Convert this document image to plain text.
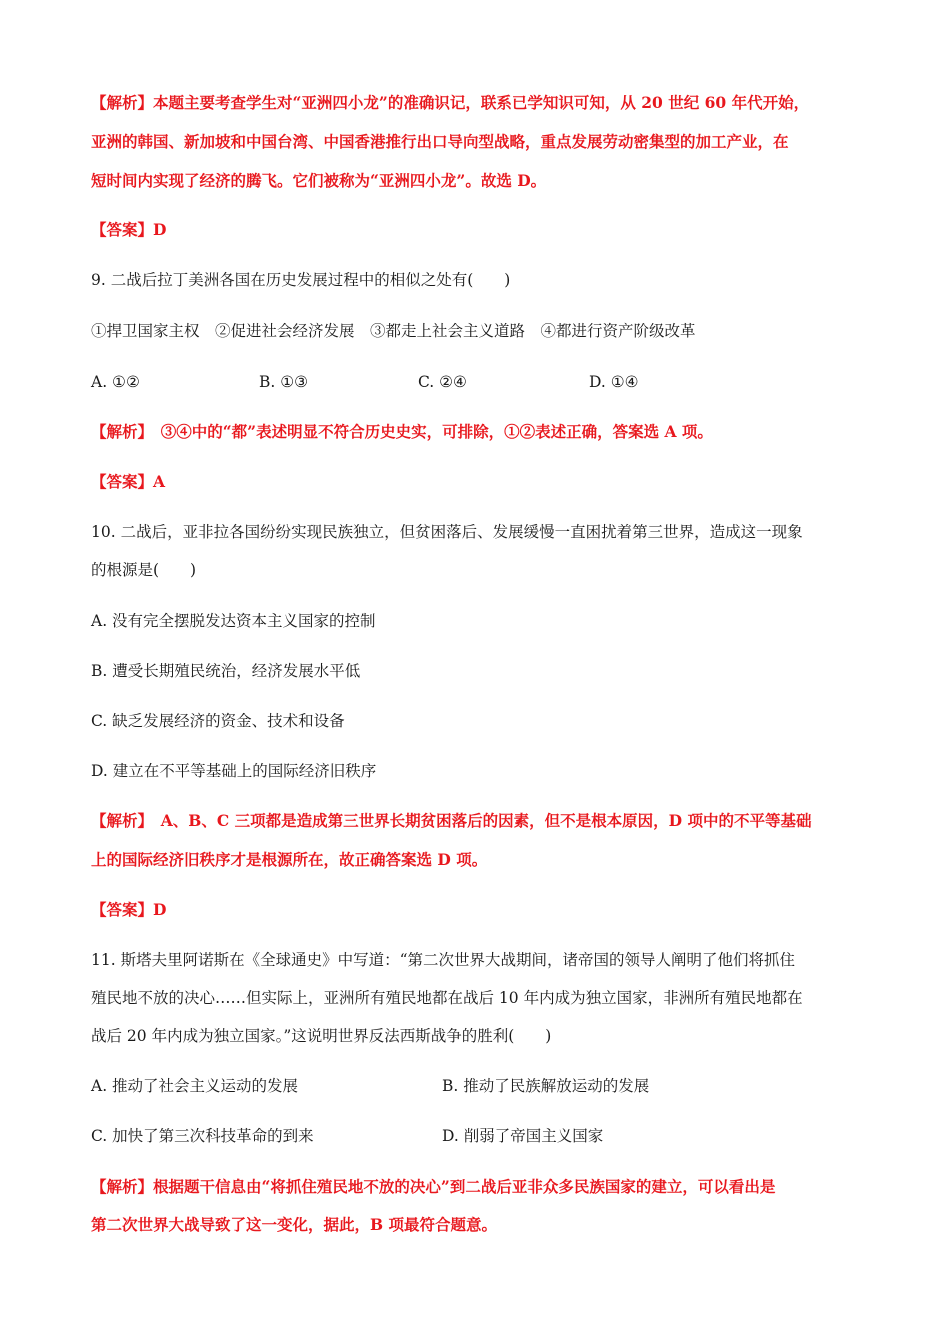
【解析】本题主要考查学生对“亚洲四小龙”的准确识记，联系已学知识可知，从 20 世纪 60 年代开始，
亚洲的韩国、新加坡和中国台湾、中国香港推行出口导向型战略，重点发展劳动密集型的加工产业，在
短时间内实现了经济的腾飞。它们被称为“亚洲四小龙”。故选 D。
【答案】D
9. 二战后拉丁美洲各国在历史发展过程中的相似之处有(　　)
①捍卫国家主权　②促进社会经济发展　③都走上社会主义道路　④都进行资产阶级改革
A. ①②	B. ①③	C. ②④	D. ①④
【解析】　③④中的“都”表述明显不符合历史史实，可排除，①②表述正确，答案选 A 项。
【答案】A
10. 二战后，亚非拉各国纷纷实现民族独立，但贫困落后、发展缓慢一直困扰着第三世界，造成这一现象
的根源是(　　)
A. 没有完全摆脱发达资本主义国家的控制
B. 遭受长期殖民统治，经济发展水平低
C. 缺乏发展经济的资金、技术和设备
D. 建立在不平等基础上的国际经济旧秩序
【解析】　A、B、C 三项都是造成第三世界长期贫困落后的因素，但不是根本原因，D 项中的不平等基础
上的国际经济旧秩序才是根源所在，故正确答案选 D 项。
【答案】D
11. 斯塔夫里阿诺斯在《全球通史》中写道：“第二次世界大战期间，诸帝国的领导人阐明了他们将抓住
殖民地不放的决心……但实际上，亚洲所有殖民地都在战后 10 年内成为独立国家，非洲所有殖民地都在
战后 20 年内成为独立国家。”这说明世界反法西斯战争的胜利(　　)
A. 推动了社会主义运动的发展	B. 推动了民族解放运动的发展
C. 加快了第三次科技革命的到来	D. 削弱了帝国主义国家
【解析】根据题干信息由“将抓住殖民地不放的决心”到二战后亚非众多民族国家的建立，可以看出是
第二次世界大战导致了这一变化，据此，B 项最符合题意。
